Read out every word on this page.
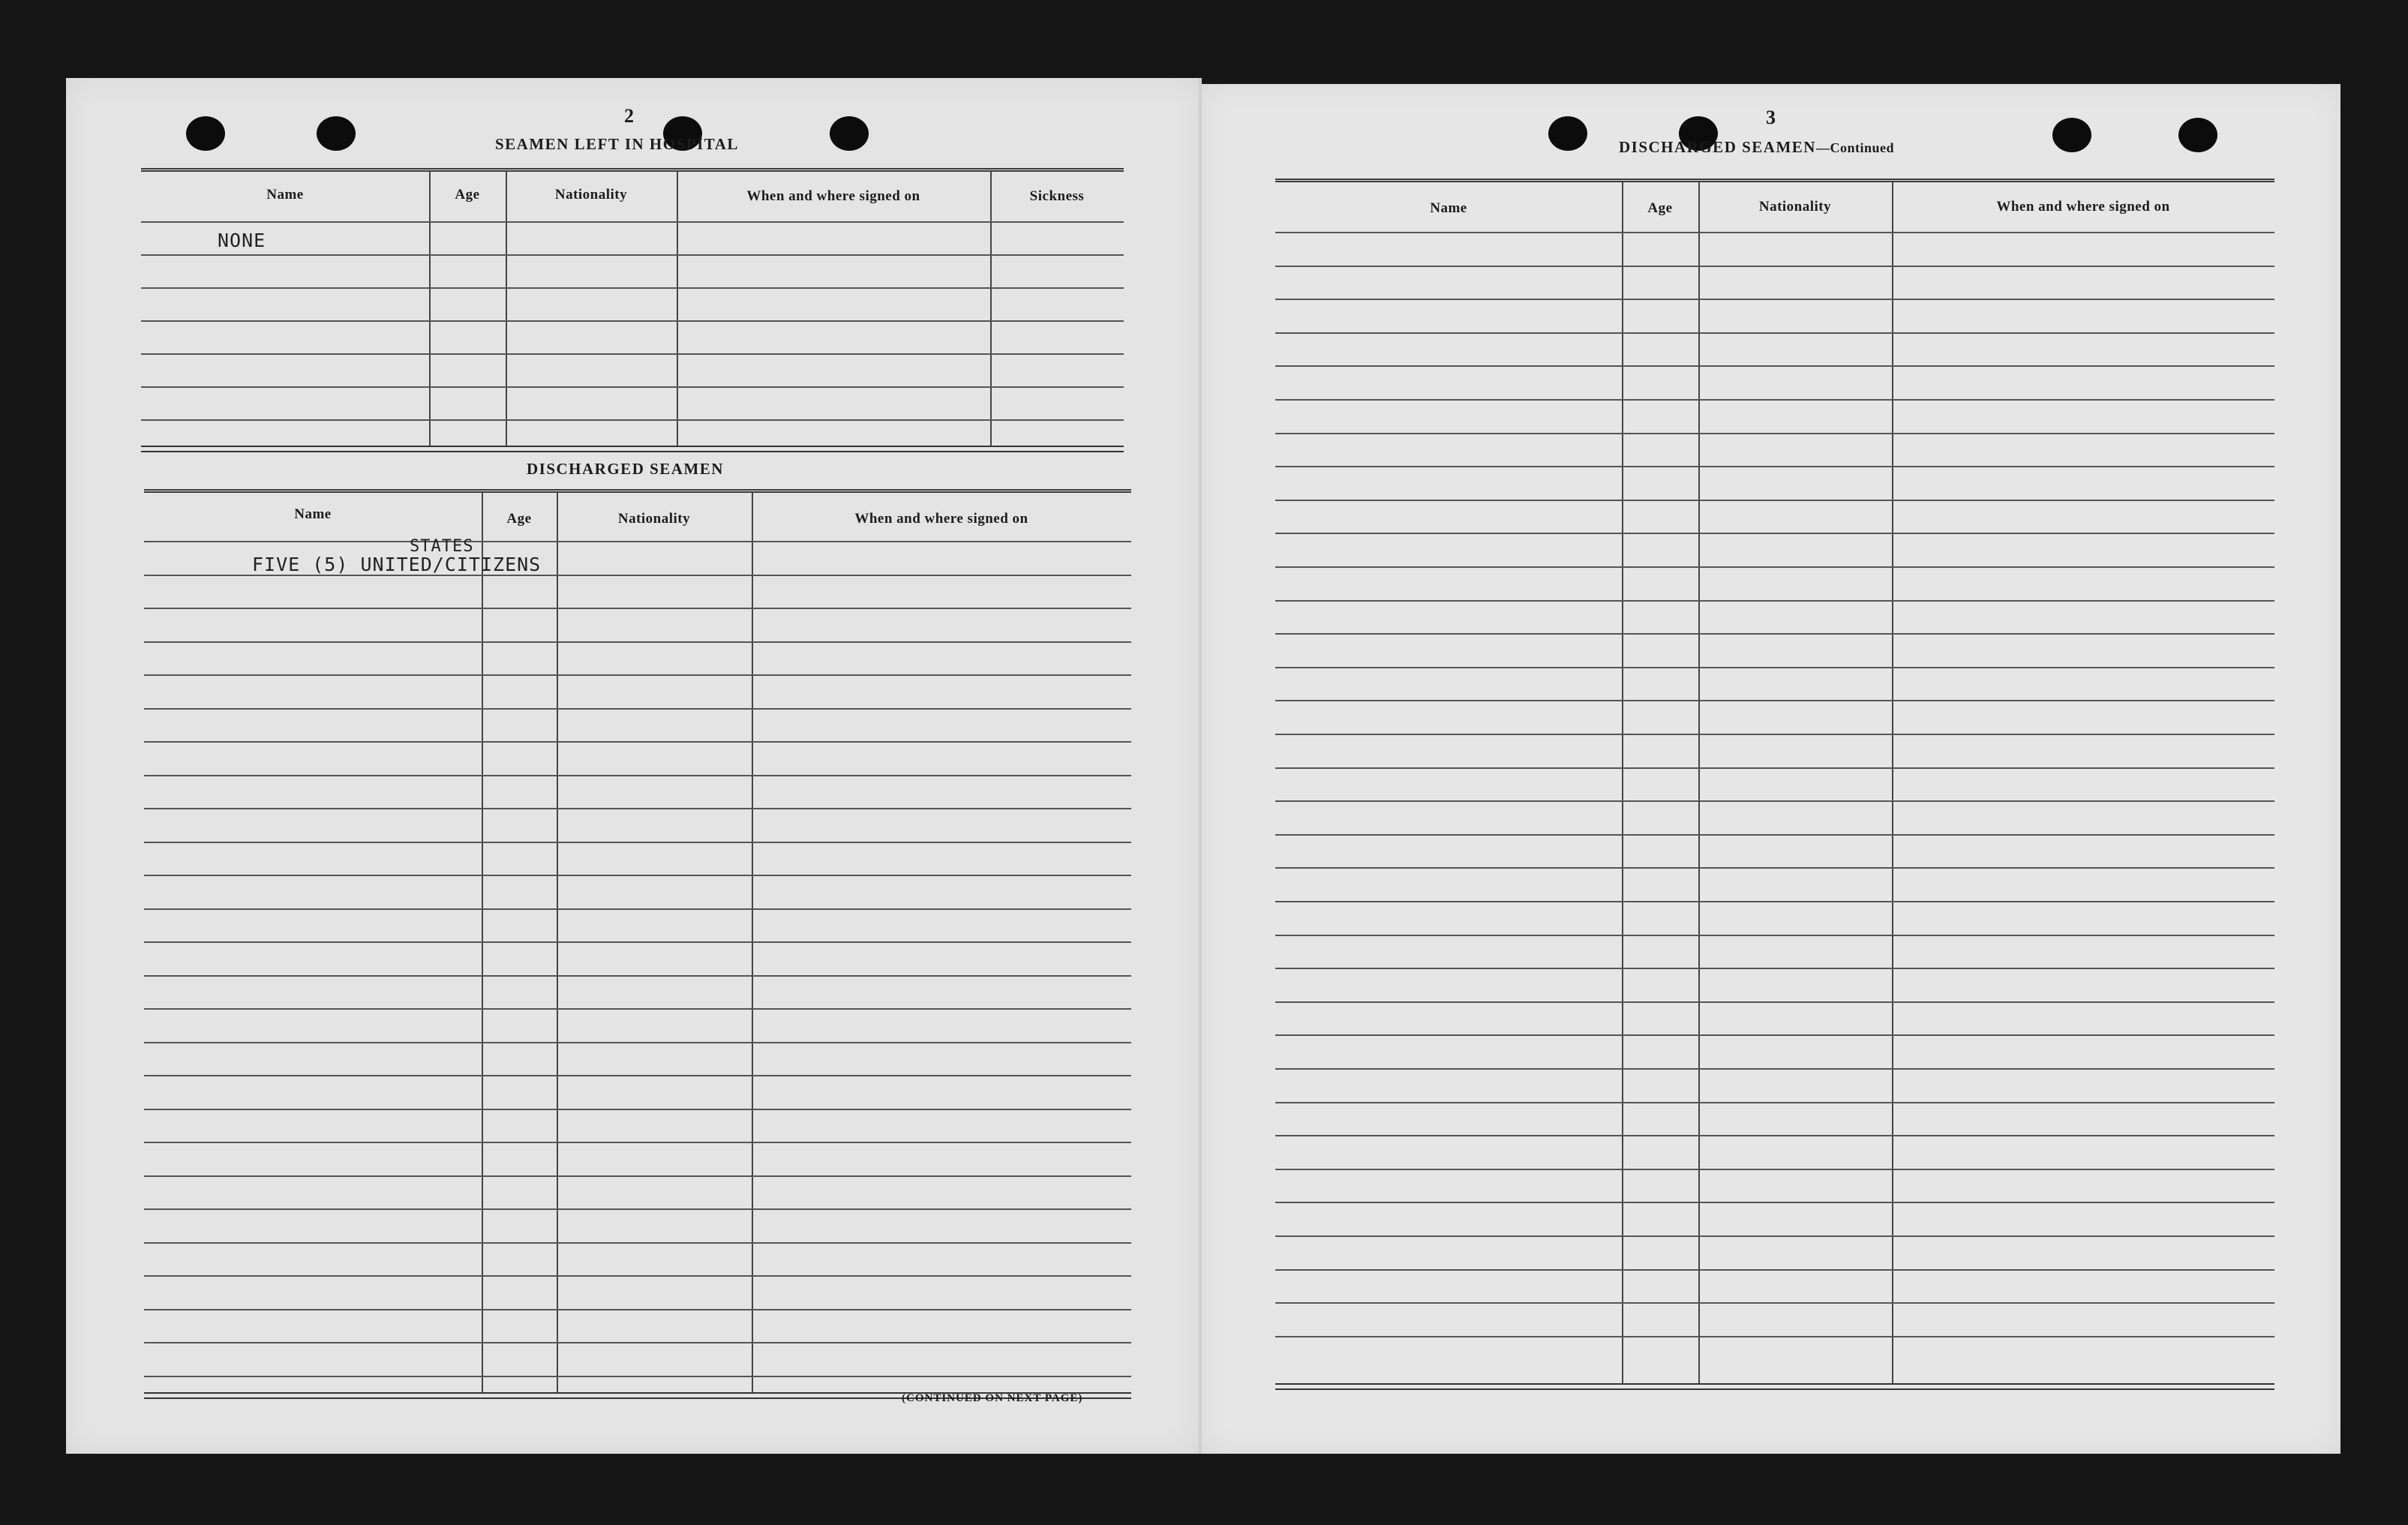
2
SEAMEN LEFT IN HOSPITAL
Name	Age	Nationality	When and where signed on	Sickness
NONE
DISCHARGED SEAMEN
Name	Age	Nationality	When and where signed on
STATES
FIVE (5) UNITED/CITIZENS
(CONTINUED ON NEXT PAGE)
3
DISCHARGED SEAMEN—Continued
Name	Age	Nationality	When and where signed on
